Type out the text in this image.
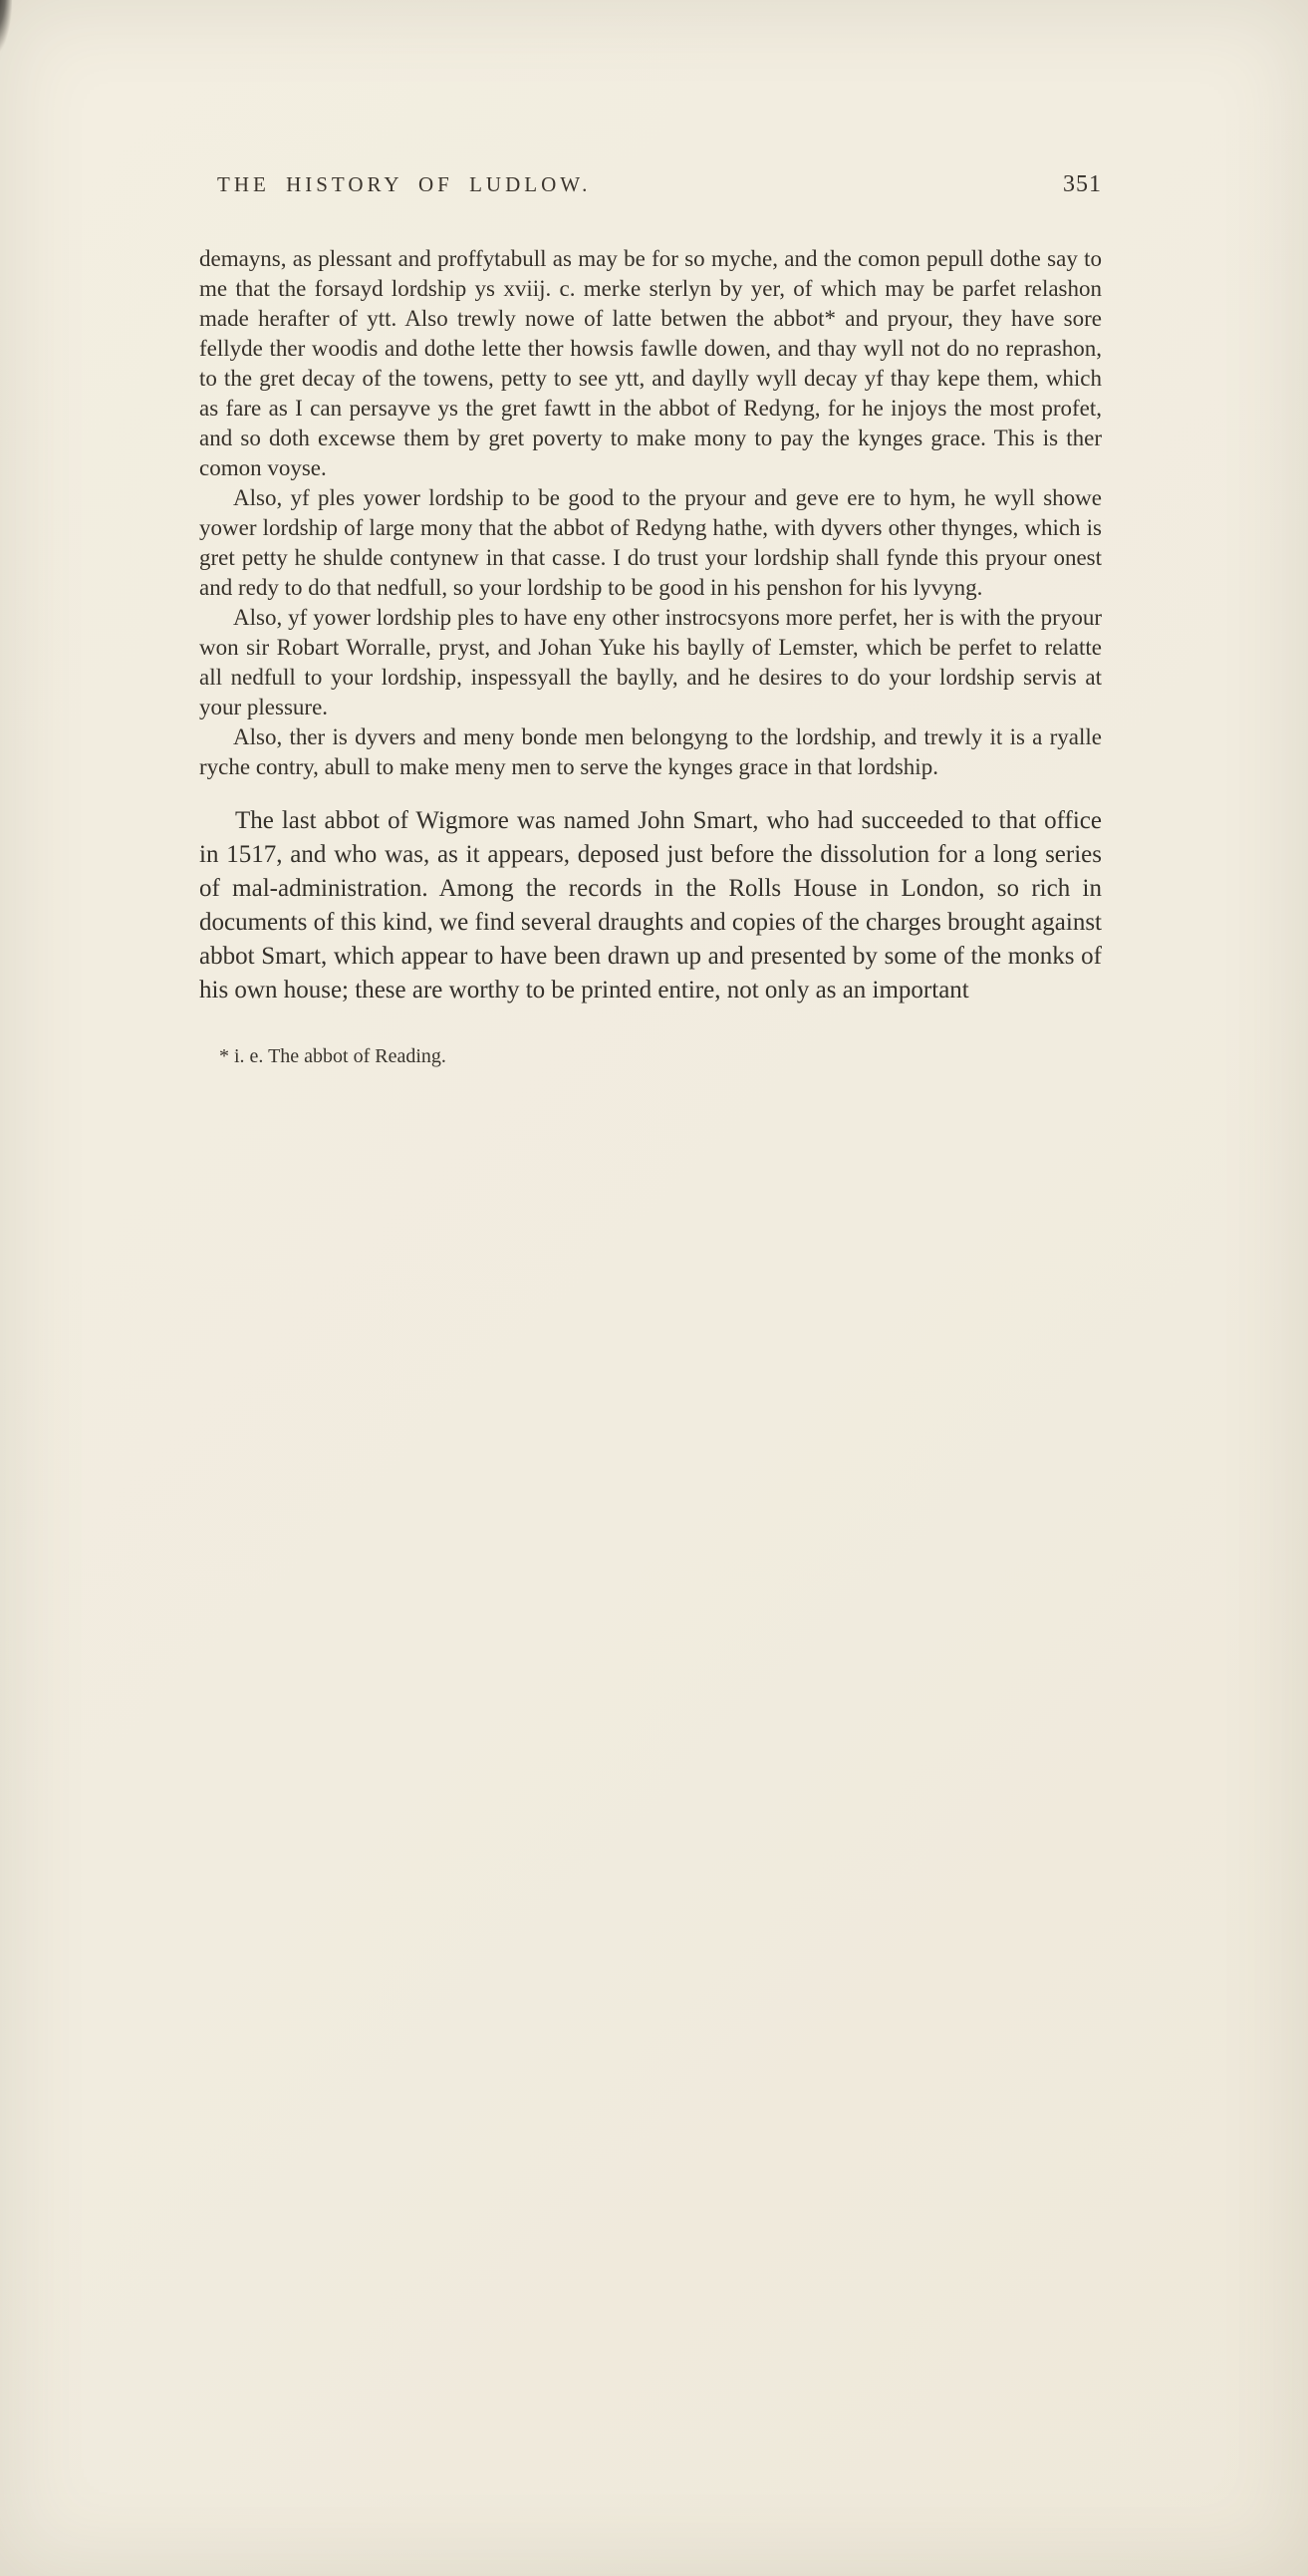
THE HISTORY OF LUDLOW.	351

demayns, as plessant and proffytabull as may be for so myche, and the comon pepull dothe say to me that the forsayd lordship ys xviij. c. merke sterlyn by yer, of which may be parfet relashon made herafter of ytt. Also trewly nowe of latte betwen the abbot* and pryour, they have sore fellyde ther woodis and dothe lette ther howsis fawlle dowen, and thay wyll not do no reprashon, to the gret decay of the towens, petty to see ytt, and daylly wyll decay yf thay kepe them, which as fare as I can persayve ys the gret fawtt in the abbot of Redyng, for he injoys the most profet, and so doth excewse them by gret poverty to make mony to pay the kynges grace. This is ther comon voyse.

Also, yf ples yower lordship to be good to the pryour and geve ere to hym, he wyll showe yower lordship of large mony that the abbot of Redyng hathe, with dyvers other thynges, which is gret petty he shulde contynew in that casse. I do trust your lordship shall fynde this pryour onest and redy to do that nedfull, so your lordship to be good in his penshon for his lyvyng.

Also, yf yower lordship ples to have eny other instrocsyons more perfet, her is with the pryour won sir Robart Worralle, pryst, and Johan Yuke his baylly of Lemster, which be perfet to relatte all nedfull to your lordship, inspessyall the baylly, and he desires to do your lordship servis at your plessure.

Also, ther is dyvers and meny bonde men belongyng to the lordship, and trewly it is a ryalle ryche contry, abull to make meny men to serve the kynges grace in that lordship.

The last abbot of Wigmore was named John Smart, who had succeeded to that office in 1517, and who was, as it appears, deposed just before the dissolution for a long series of mal-administration. Among the records in the Rolls House in London, so rich in documents of this kind, we find several draughts and copies of the charges brought against abbot Smart, which appear to have been drawn up and presented by some of the monks of his own house; these are worthy to be printed entire, not only as an important

* i. e. The abbot of Reading.
